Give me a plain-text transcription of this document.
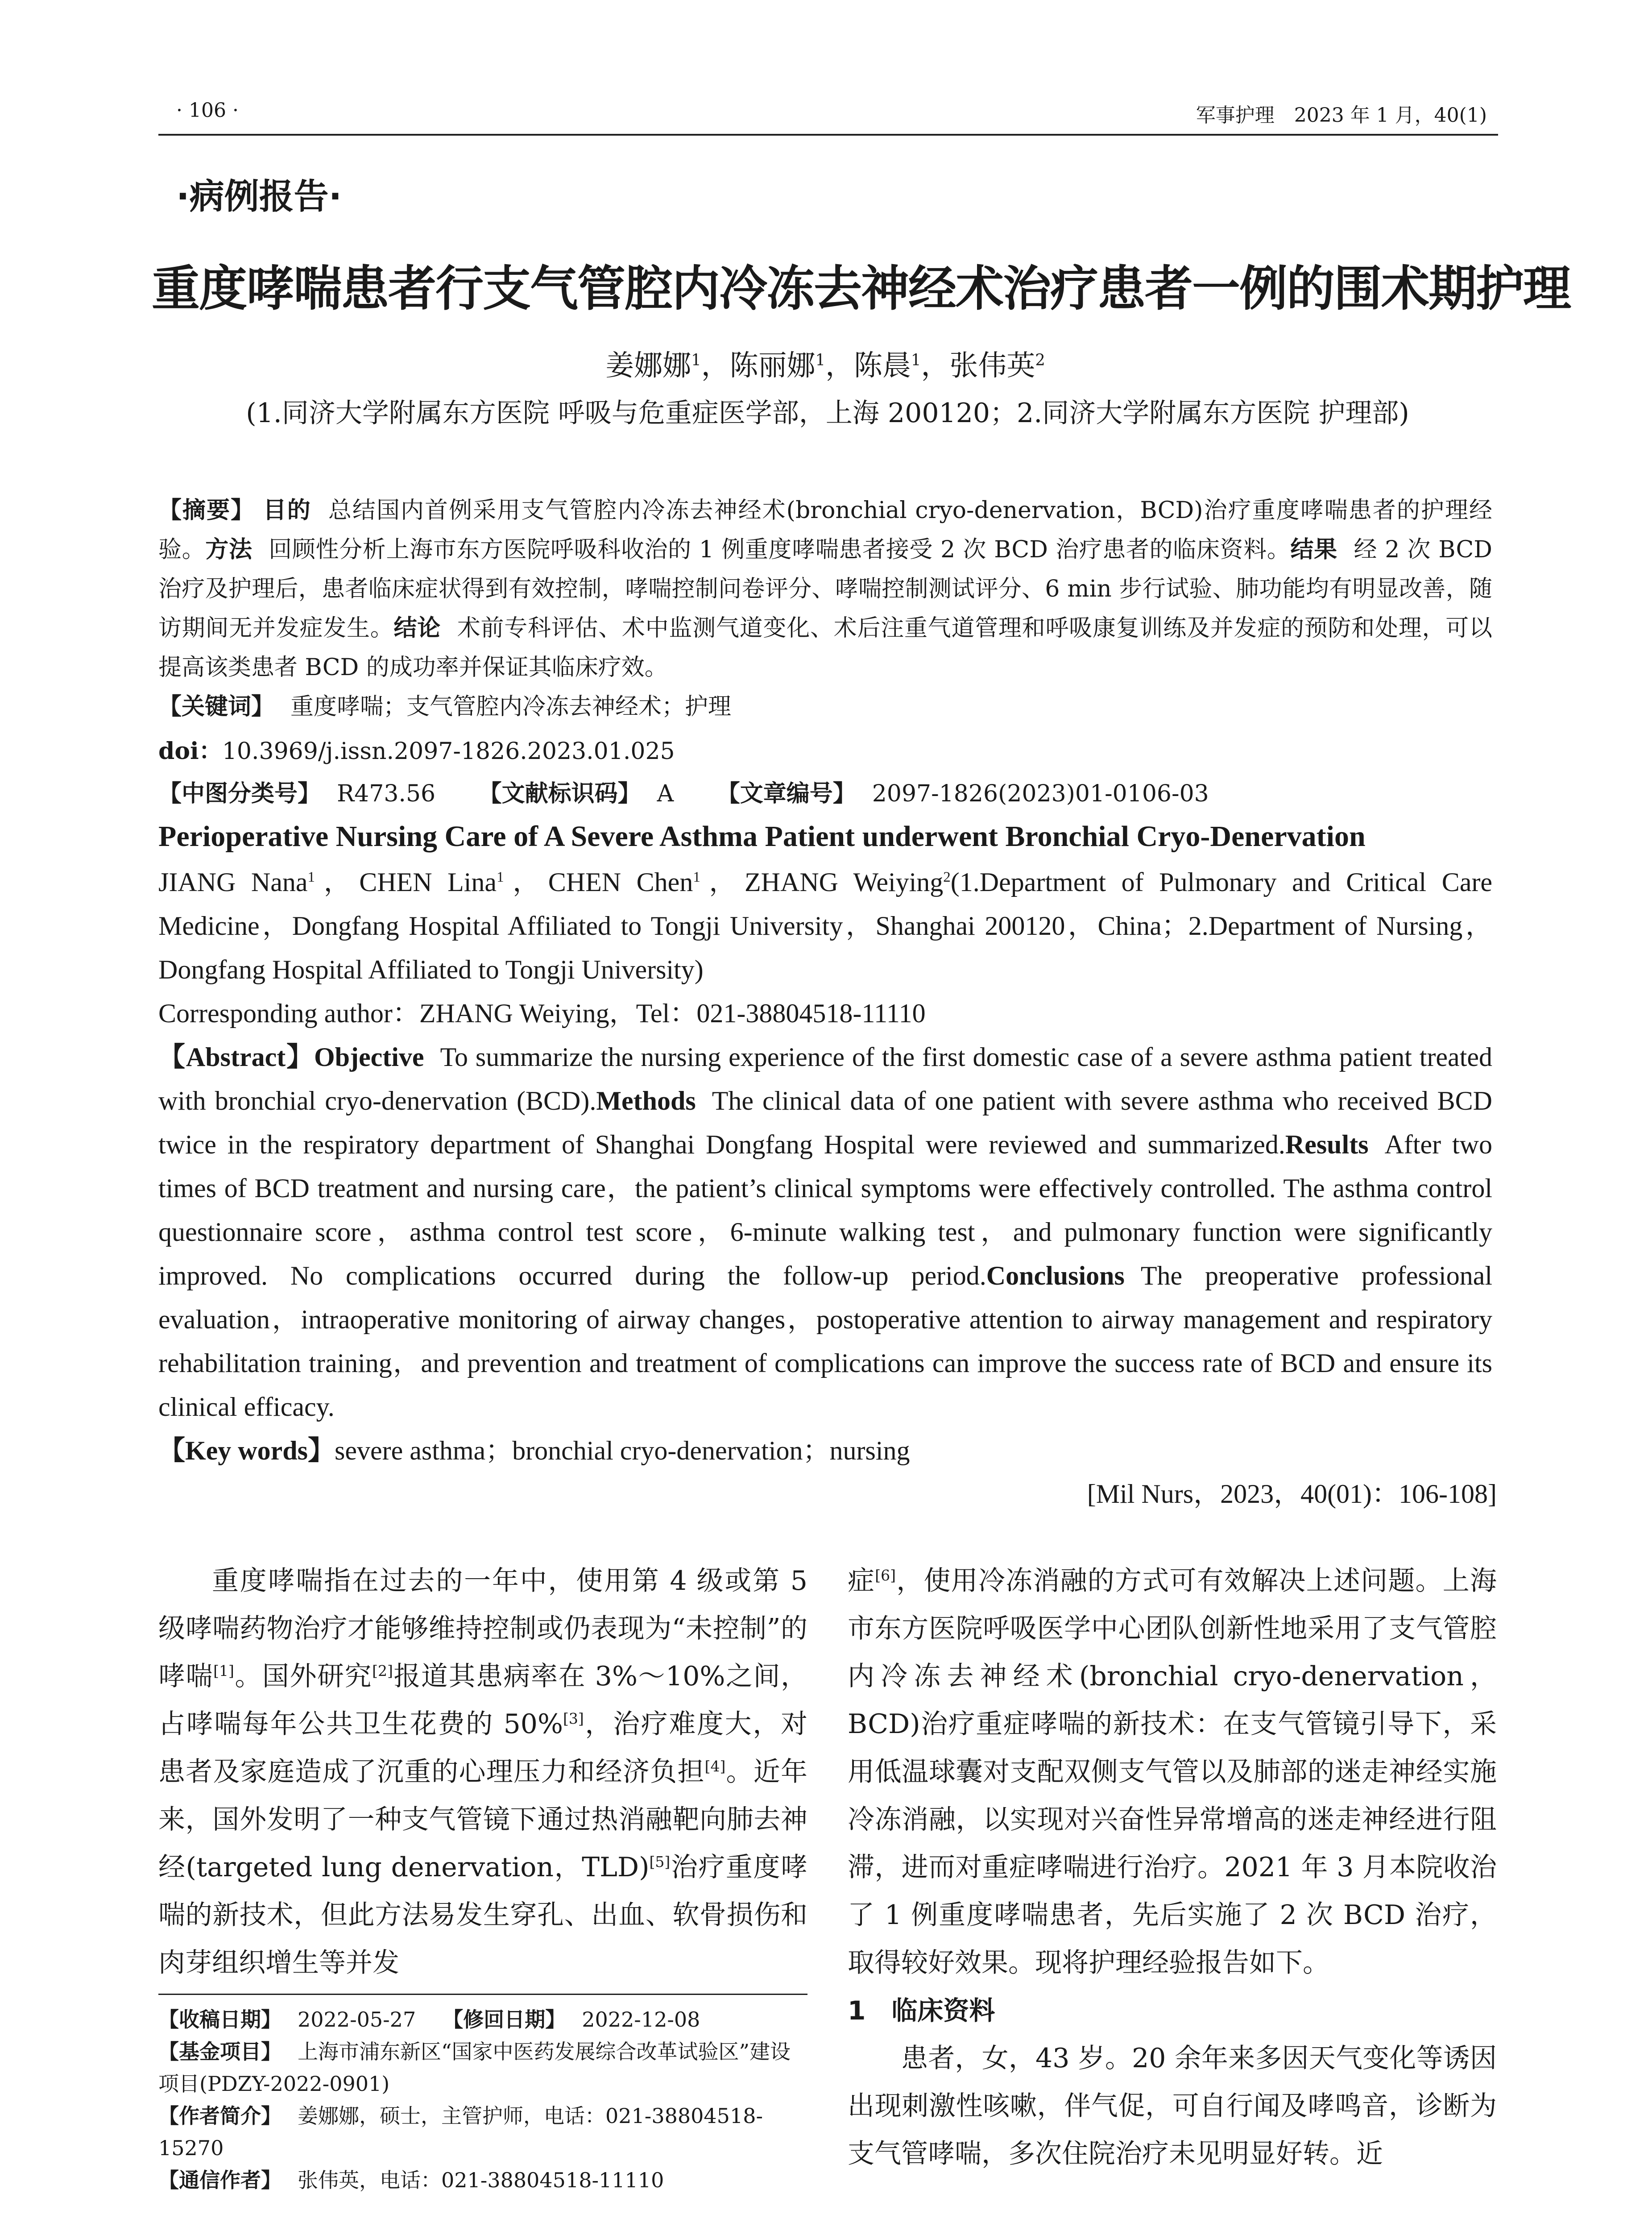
· 106 ·	军事护理　2023 年 1 月，40(1)
·病例报告·
重度哮喘患者行支气管腔内冷冻去神经术治疗患者一例的围术期护理
姜娜娜$^1$，陈丽娜$^1$，陈晨$^1$，张伟英$^2$
(1.同济大学附属东方医院 呼吸与危重症医学部，上海 200120；2.同济大学附属东方医院 护理部)
【摘要】 目的 总结国内首例采用支气管腔内冷冻去神经术(bronchial cryo-denervation，BCD)治疗重度哮喘患者的护理经验。方法 回顾性分析上海市东方医院呼吸科收治的 1 例重度哮喘患者接受 2 次 BCD 治疗患者的临床资料。结果 经 2 次 BCD 治疗及护理后，患者临床症状得到有效控制，哮喘控制问卷评分、哮喘控制测试评分、6 min 步行试验、肺功能均有明显改善，随访期间无并发症发生。结论 术前专科评估、术中监测气道变化、术后注重气道管理和呼吸康复训练及并发症的预防和处理，可以提高该类患者 BCD 的成功率并保证其临床疗效。
【关键词】 重度哮喘；支气管腔内冷冻去神经术；护理
doi：10.3969/j.issn.2097-1826.2023.01.025
【中图分类号】 R473.56 【文献标识码】 A 【文章编号】 2097-1826(2023)01-0106-03
Perioperative Nursing Care of A Severe Asthma Patient underwent Bronchial Cryo-Denervation
JIANG Nana$^1$，CHEN Lina$^1$，CHEN Chen$^1$，ZHANG Weiying$^2$(1.Department of Pulmonary and Critical Care Medicine，Dongfang Hospital Affiliated to Tongji University，Shanghai 200120，China；2.Department of Nursing，Dongfang Hospital Affiliated to Tongji University)
Corresponding author：ZHANG Weiying，Tel：021-38804518-11110
【Abstract】Objective To summarize the nursing experience of the first domestic case of a severe asthma patient treated with bronchial cryo-denervation (BCD).Methods The clinical data of one patient with severe asthma who received BCD twice in the respiratory department of Shanghai Dongfang Hospital were reviewed and summarized.Results After two times of BCD treatment and nursing care，the patient’s clinical symptoms were effectively controlled. The asthma control questionnaire score，asthma control test score，6-minute walking test，and pulmonary function were significantly improved. No complications occurred during the follow-up period.Conclusions The preoperative professional evaluation，intraoperative monitoring of airway changes，postoperative attention to airway management and respiratory rehabilitation training，and prevention and treatment of complications can improve the success rate of BCD and ensure its clinical efficacy.
【Key words】severe asthma；bronchial cryo-denervation；nursing
[Mil Nurs，2023，40(01)：106-108]

重度哮喘指在过去的一年中，使用第 4 级或第 5 级哮喘药物治疗才能够维持控制或仍表现为“未控制”的哮喘[1]。国外研究[2]报道其患病率在 3%～10%之间，占哮喘每年公共卫生花费的 50%[3]，治疗难度大，对患者及家庭造成了沉重的心理压力和经济负担[4]。近年来，国外发明了一种支气管镜下通过热消融靶向肺去神经(targeted lung denervation，TLD)[5]治疗重度哮喘的新技术，但此方法易发生穿孔、出血、软骨损伤和肉芽组织增生等并发

症[6]，使用冷冻消融的方式可有效解决上述问题。上海市东方医院呼吸医学中心团队创新性地采用了支气管腔内冷冻去神经术(bronchial cryo-denervation，BCD)治疗重症哮喘的新技术：在支气管镜引导下，采用低温球囊对支配双侧支气管以及肺部的迷走神经实施冷冻消融，以实现对兴奋性异常增高的迷走神经进行阻滞，进而对重症哮喘进行治疗。2021 年 3 月本院收治了 1 例重度哮喘患者，先后实施了 2 次 BCD 治疗，取得较好效果。现将护理经验报告如下。

1　临床资料

患者，女，43 岁。20 余年来多因天气变化等诱因出现刺激性咳嗽，伴气促，可自行闻及哮鸣音，诊断为支气管哮喘，多次住院治疗未见明显好转。近

【收稿日期】 2022-05-27 【修回日期】 2022-12-08

【基金项目】 上海市浦东新区“国家中医药发展综合改革试验区”建设项目(PDZY-2022-0901)

【作者简介】 姜娜娜，硕士，主管护师，电话：021-38804518-15270

【通信作者】 张伟英，电话：021-38804518-11110
